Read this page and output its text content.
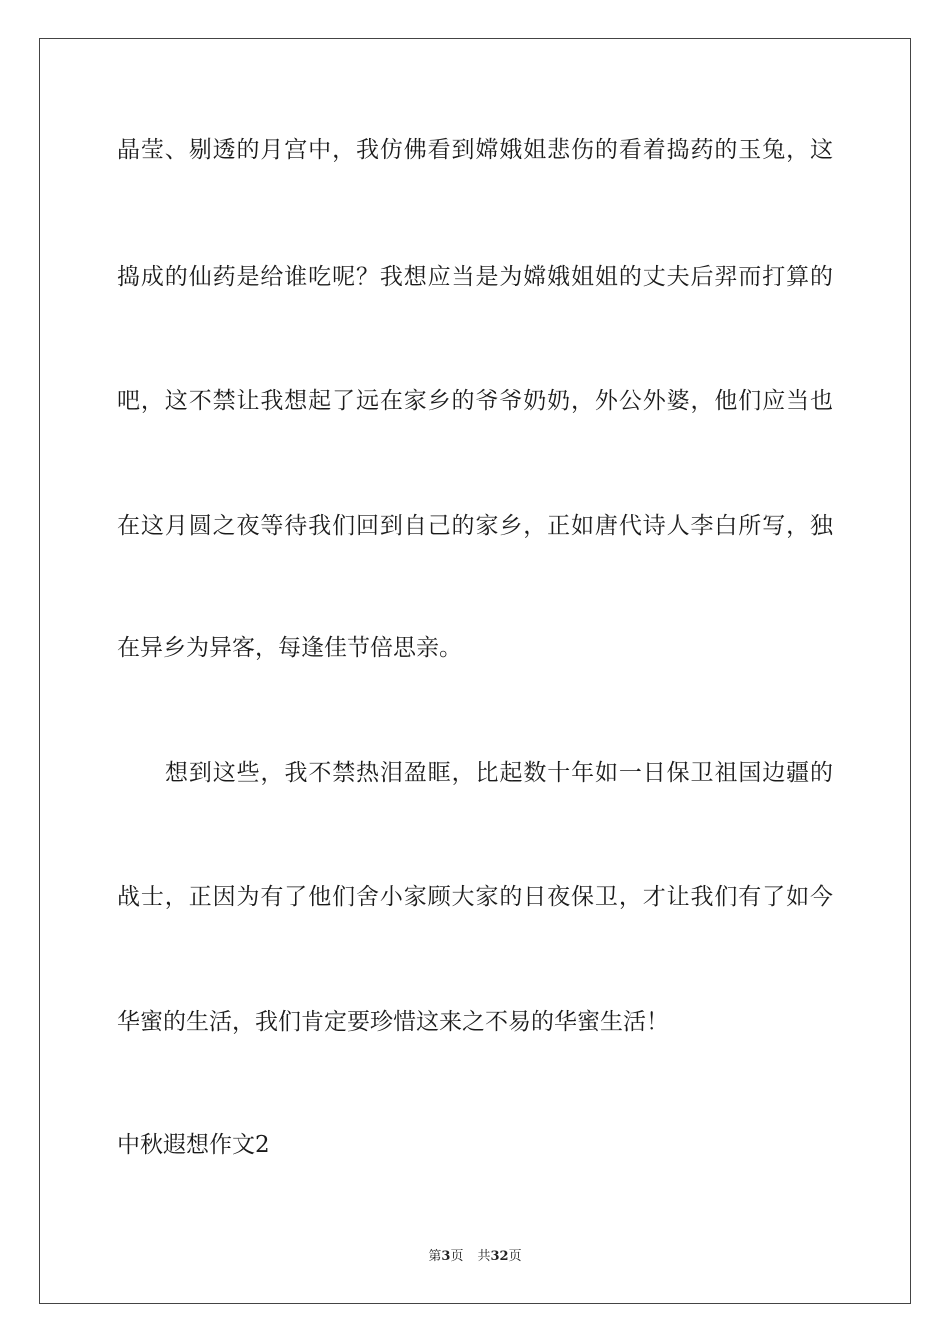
晶莹、剔透的月宫中，我仿佛看到嫦娥姐悲伤的看着捣药的玉兔，这
捣成的仙药是给谁吃呢？我想应当是为嫦娥姐姐的丈夫后羿而打算的
吧，这不禁让我想起了远在家乡的爷爷奶奶，外公外婆，他们应当也
在这月圆之夜等待我们回到自己的家乡，正如唐代诗人李白所写，独
在异乡为异客，每逢佳节倍思亲。
想到这些，我不禁热泪盈眶，比起数十年如一日保卫祖国边疆的
战士，正因为有了他们舍小家顾大家的日夜保卫，才让我们有了如今
华蜜的生活，我们肯定要珍惜这来之不易的华蜜生活！
中秋遐想作文2
第3页 共32页
